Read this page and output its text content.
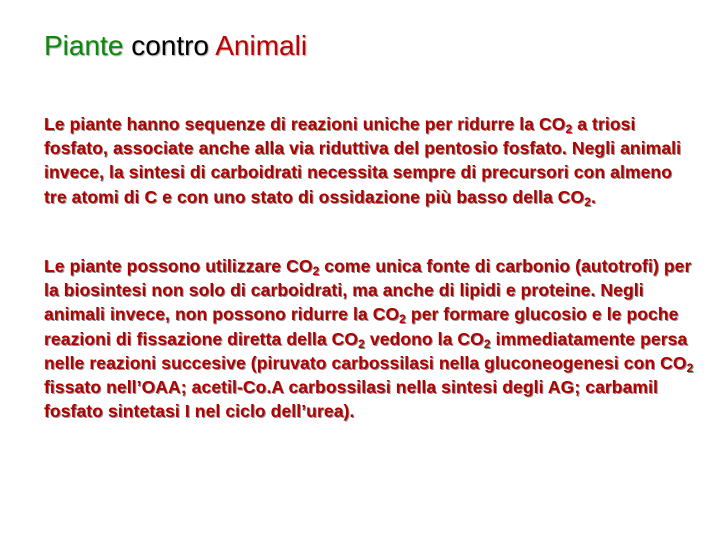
Piante contro Animali
Le piante hanno sequenze di reazioni uniche per ridurre la $CO_2$ a triosi fosfato, associate anche alla via riduttiva del pentosio fosfato. Negli animali invece, la sintesi di carboidrati necessita sempre di precursori con almeno tre atomi di C e con uno stato di ossidazione più basso della $CO_2$.
Le piante possono utilizzare $CO_2$ come unica fonte di carbonio (autotrofi) per la biosintesi non solo di carboidrati, ma anche di lipidi e proteine. Negli animali invece, non possono ridurre la $CO_2$ per formare glucosio e le poche reazioni di fissazione diretta della $CO_2$ vedono la $CO_2$ immediatamente persa nelle reazioni succesive (piruvato carbossilasi nella gluconeogenesi con $CO_2$ fissato nell’OAA; acetil-Co.A carbossilasi nella sintesi degli AG; carbamil fosfato sintetasi I nel ciclo dell’urea).
